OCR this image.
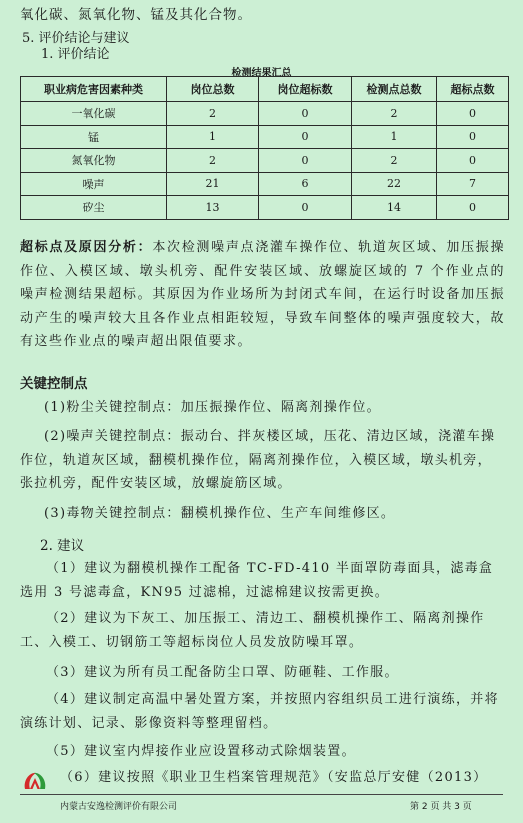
氧化碳、氮氧化物、锰及其化合物。
5. 评价结论与建议
1. 评价结论
检测结果汇总
职业病危害因素种类	岗位总数	岗位超标数	检测点总数	超标点数
一氧化碳	2	0	2	0
锰	1	0	1	0
氮氧化物	2	0	2	0
噪声	21	6	22	7
矽尘	13	0	14	0
超标点及原因分析：本次检测噪声点浇灌车操作位、轨道灰区域、加压振操作位、入模区域、墩头机旁、配件安装区域、放螺旋区域的 7 个作业点的噪声检测结果超标。其原因为作业场所为封闭式车间，在运行时设备加压振动产生的噪声较大且各作业点相距较短，导致车间整体的噪声强度较大，故有这些作业点的噪声超出限值要求。
关键控制点
(1)粉尘关键控制点：加压振操作位、隔离剂操作位。
(2)噪声关键控制点：振动台、拌灰楼区域，压花、清边区域，浇灌车操作位，轨道灰区域，翻模机操作位，隔离剂操作位，入模区域，墩头机旁，张拉机旁，配件安装区域，放螺旋筋区域。
(3)毒物关键控制点：翻模机操作位、生产车间维修区。
2. 建议
（1）建议为翻模机操作工配备 TC-FD-410 半面罩防毒面具，滤毒盒选用 3 号滤毒盒，KN95 过滤棉，过滤棉建议按需更换。
（2）建议为下灰工、加压振工、清边工、翻模机操作工、隔离剂操作工、入模工、切钢筋工等超标岗位人员发放防噪耳罩。
（3）建议为所有员工配备防尘口罩、防砸鞋、工作服。
（4）建议制定高温中暑处置方案，并按照内容组织员工进行演练，并将演练计划、记录、影像资料等整理留档。
（5）建议室内焊接作业应设置移动式除烟装置。
（6）建议按照《职业卫生档案管理规范》（安监总厅安健（2013）
内蒙古安逸检测评价有限公司	第 2 页 共 3 页
